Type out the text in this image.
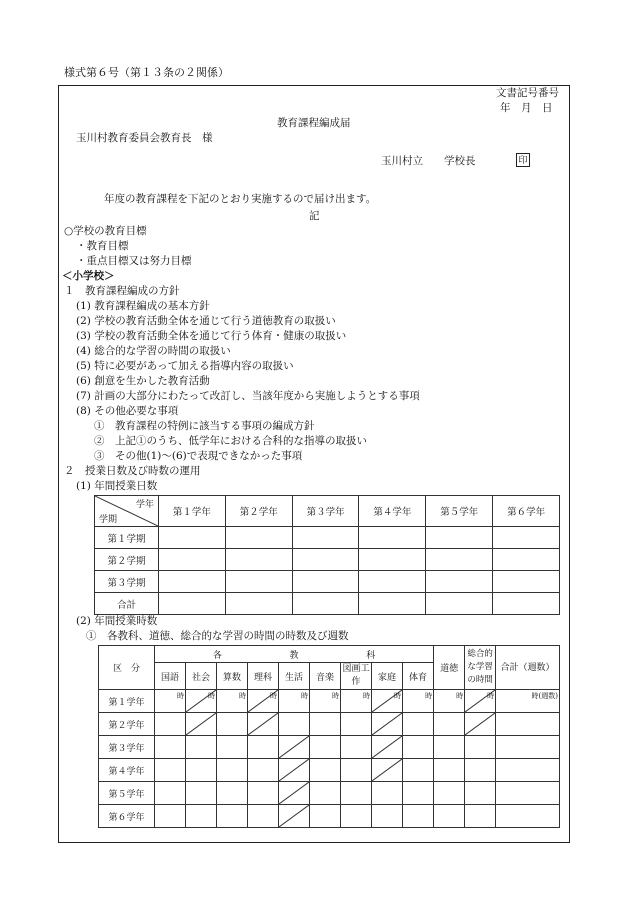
様式第６号（第１３条の２関係）
文書記号番号
年　月　日
教育課程編成届
玉川村教育委員会教育長　様
玉川村立　　学校長	印
年度の教育課程を下記のとおり実施するので届け出ます。
記
○学校の教育目標
・教育目標
・重点目標又は努力目標
＜小学校＞
１　教育課程編成の方針
(1) 教育課程編成の基本方針
(2) 学校の教育活動全体を通じて行う道徳教育の取扱い
(3) 学校の教育活動全体を通じて行う体育・健康の取扱い
(4) 総合的な学習の時間の取扱い
(5) 特に必要があって加える指導内容の取扱い
(6) 創意を生かした教育活動
(7) 計画の大部分にわたって改訂し、当該年度から実施しようとする事項
(8) その他必要な事項
①　教育課程の特例に該当する事項の編成方針
②　上記①のうち、低学年における合科的な指導の取扱い
③　その他(1)～(6)で表現できなかった事項
２　授業日数及び時数の運用
(1) 年間授業日数
学年
学期	第１学年	第２学年	第３学年	第４学年	第５学年	第６学年
第１学期						
第２学期						
第３学期						
合計						
(2) 年間授業時数
①　各教科、道徳、総合的な学習の時間の時数及び週数
区　分	各 教 科									道徳	総合的な学習の時間	合計（週数）
	国語	社会	算数	理科	生活	音楽	図画工作	家庭	体育			
第１学年	時	時	時	時	時	時	時	時	時	時	時	時(週数)

第２学年	

第３学年	

第４学年	

第５学年	

第６学年	
